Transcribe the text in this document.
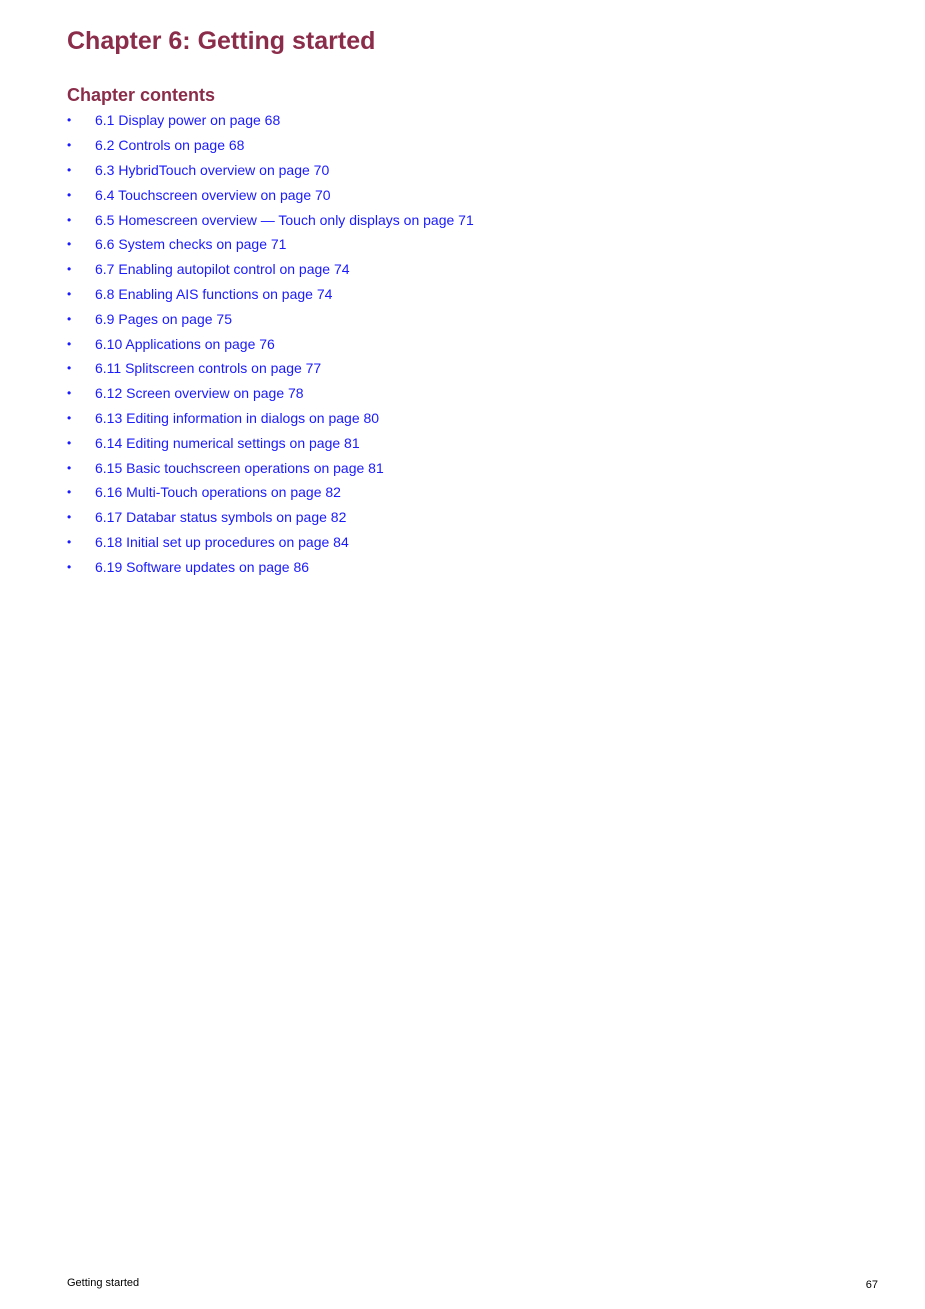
Chapter 6: Getting started
Chapter contents
•	6.1 Display power on page 68
•	6.2 Controls on page 68
•	6.3 HybridTouch overview on page 70
•	6.4 Touchscreen overview on page 70
•	6.5 Homescreen overview — Touch only displays on page 71
•	6.6 System checks on page 71
•	6.7 Enabling autopilot control on page 74
•	6.8 Enabling AIS functions on page 74
•	6.9 Pages on page 75
•	6.10 Applications on page 76
•	6.11 Splitscreen controls on page 77
•	6.12 Screen overview on page 78
•	6.13 Editing information in dialogs on page 80
•	6.14 Editing numerical settings on page 81
•	6.15 Basic touchscreen operations on page 81
•	6.16 Multi-Touch operations on page 82
•	6.17 Databar status symbols on page 82
•	6.18 Initial set up procedures on page 84
•	6.19 Software updates on page 86
Getting started	67
